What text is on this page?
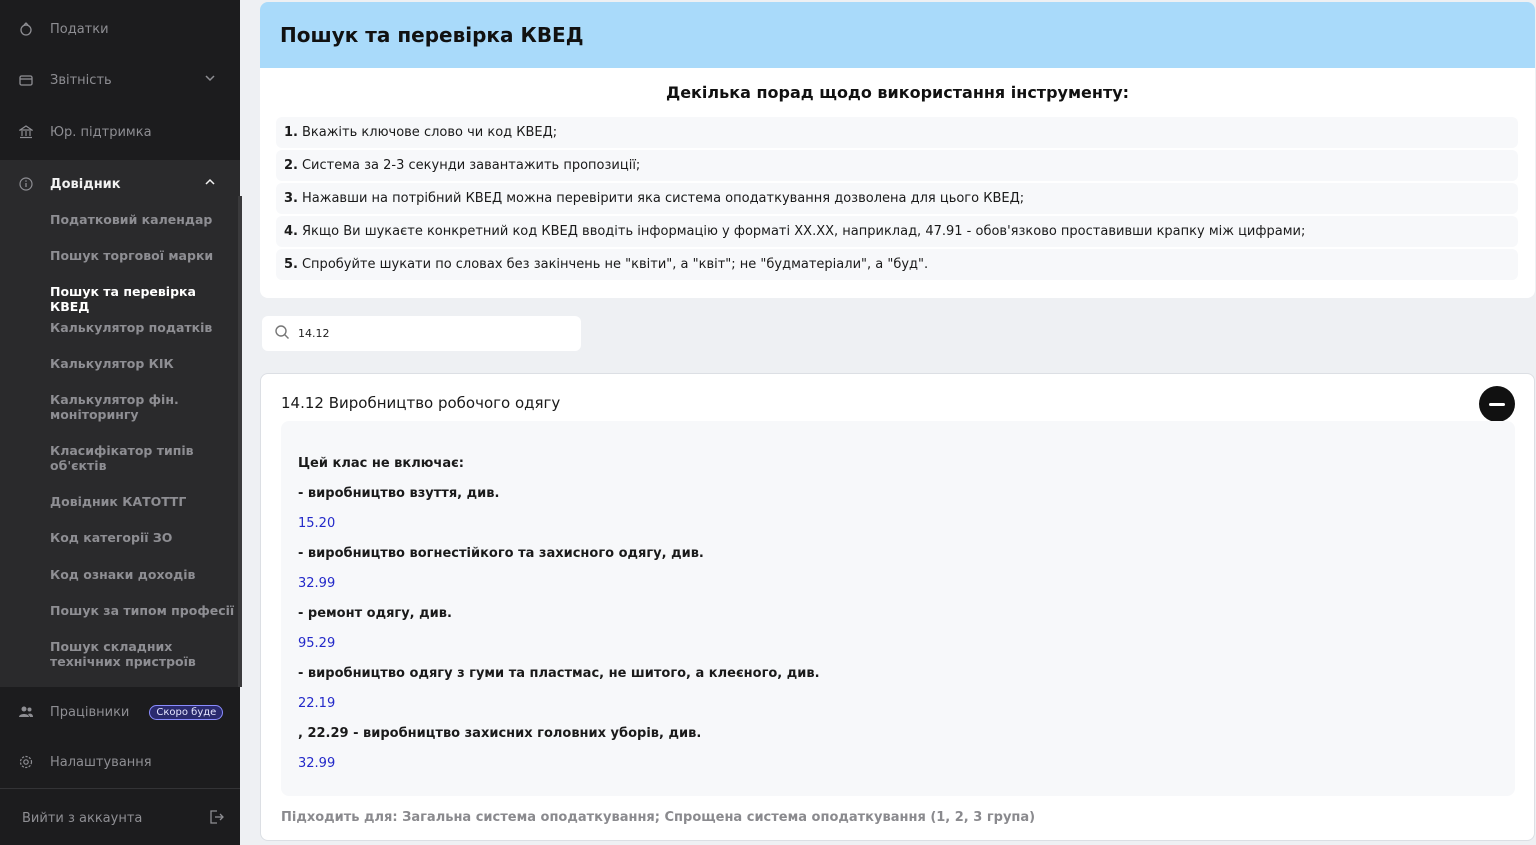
Податки
Звітність
Юр. підтримка
Довідник
Податковий календар
Пошук торгової марки
Пошук та перевірка КВЕД
Калькулятор податків
Калькулятор КІК
Калькулятор фін. моніторингу
Класифікатор типів об'єктів
Довідник КАТОТТГ
Код категорії ЗО
Код ознаки доходів
Пошук за типом професії
Пошук складних технічних пристроїв
Працівники	Скоро буде
Налаштування
Вийти з аккаунта
Пошук та перевірка КВЕД
Декілька порад щодо використання інструменту:
1. Вкажіть ключове слово чи код КВЕД;
2. Система за 2-3 секунди завантажить пропозиції;
3. Нажавши на потрібний КВЕД можна перевірити яка система оподаткування дозволена для цього КВЕД;
4. Якщо Ви шукаєте конкретний код КВЕД вводіть інформацію у форматі XX.XX, наприклад, 47.91 - обов'язково проставивши крапку між цифрами;
5. Спробуйте шукати по словах без закінчень не "квіти", а "квіт"; не "будматеріали", а "буд".
14.12
14.12 Виробництво робочого одягу
Цей клас не включає:
- виробництво взуття, див.
15.20
- виробництво вогнестійкого та захисного одягу, див.
32.99
- ремонт одягу, див.
95.29
- виробництво одягу з гуми та пластмас, не шитого, а клеєного, див.
22.19
, 22.29 - виробництво захисних головних уборів, див.
32.99
Підходить для: Загальна система оподаткування; Спрощена система оподаткування (1, 2, 3 група)
